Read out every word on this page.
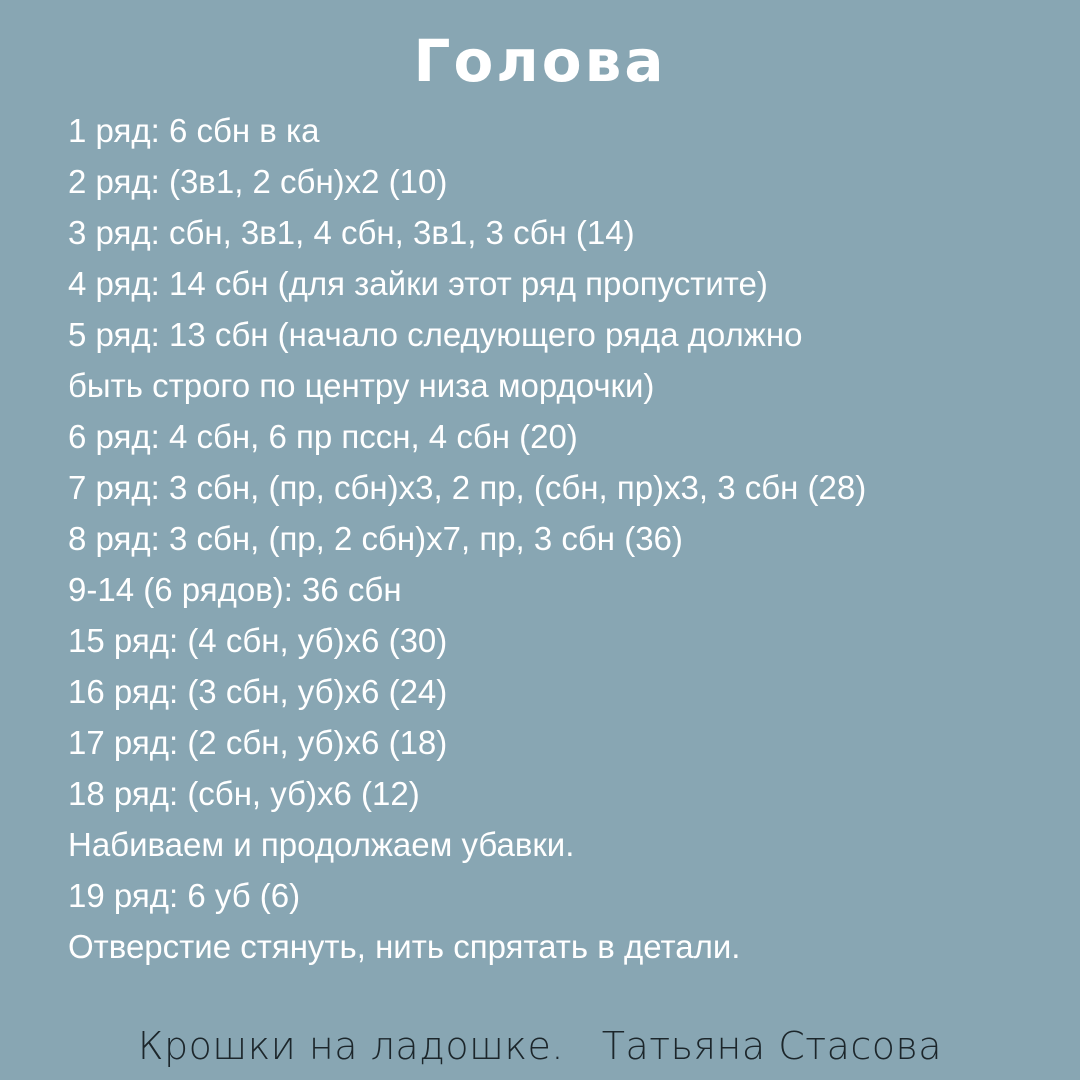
Голова
1 ряд: 6 сбн в ка
2 ряд: (3в1, 2 сбн)х2 (10)
3 ряд: сбн, 3в1, 4 сбн, 3в1, 3 сбн (14)
4 ряд: 14 сбн (для зайки этот ряд пропустите)
5 ряд: 13 сбн (начало следующего ряда должно
быть строго по центру низа мордочки)
6 ряд: 4 сбн, 6 пр пссн, 4 сбн (20)
7 ряд: 3 сбн, (пр, сбн)х3, 2 пр, (сбн, пр)х3, 3 сбн (28)
8 ряд: 3 сбн, (пр, 2 сбн)х7, пр, 3 сбн (36)
9-14 (6 рядов): 36 сбн
15 ряд: (4 сбн, уб)х6 (30)
16 ряд: (3 сбн, уб)х6 (24)
17 ряд: (2 сбн, уб)х6 (18)
18 ряд: (сбн, уб)х6 (12)
Набиваем и продолжаем убавки.
19 ряд: 6 уб (6)
Отверстие стянуть, нить спрятать в детали.
Крошки на ладошке.   Татьяна Стасова
